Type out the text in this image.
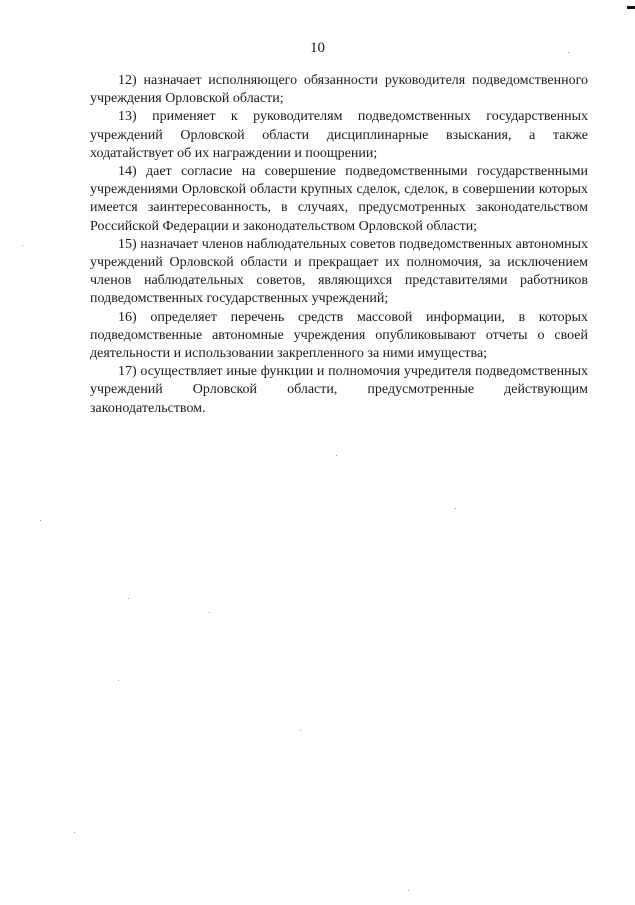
10

12) назначает исполняющего обязанности руководителя подведомственного учреждения Орловской области;

13) применяет к руководителям подведомственных государственных учреждений Орловской области дисциплинарные взыскания, а также ходатайствует об их награждении и поощрении;

14) дает согласие на совершение подведомственными государственными учреждениями Орловской области крупных сделок, сделок, в совершении которых имеется заинтересованность, в случаях, предусмотренных законодательством Российской Федерации и законодательством Орловской области;

15) назначает членов наблюдательных советов подведомственных автономных учреждений Орловской области и прекращает их полномочия, за исключением членов наблюдательных советов, являющихся представителями работников подведомственных государственных учреждений;

16) определяет перечень средств массовой информации, в которых подведомственные автономные учреждения опубликовывают отчеты о своей деятельности и использовании закрепленного за ними имущества;

17) осуществляет иные функции и полномочия учредителя подведомственных учреждений Орловской области, предусмотренные действующим законодательством.
